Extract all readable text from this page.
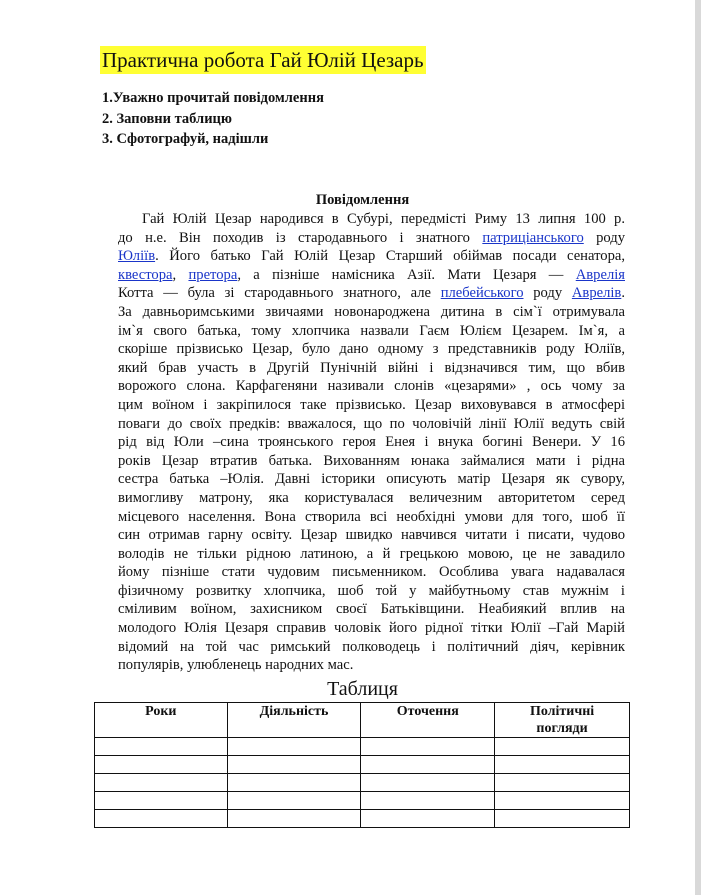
Практична робота Гай Юлій Цезарь
1.Уважно прочитай повідомлення
2. Заповни таблицю
3. Сфотографуй, надішли
Повідомлення
Гай Юлій Цезар народився в Субурі, передмісті Риму 13 липня 100 р.
до н.е. Він походив із стародавнього і знатного патриціанського роду
Юліїв. Його батько Гай Юлій Цезар Старший обіймав посади сенатора,
квестора, претора, а пізніше намісника Азії. Мати Цезаря — Аврелія
Котта — була зі стародавнього знатного, але плебейського роду Аврелів.
За давньоримськими звичаями новонароджена дитина в сім`ї отримувала
ім`я свого батька, тому хлопчика назвали Гаєм Юлієм Цезарем. Ім`я, а
скоріше прізвисько Цезар, було дано одному з представників роду Юліїв,
який брав участь в Другій Пунічній війні і відзначився тим, що вбив
ворожого слона. Карфагеняни називали слонів «цезарями» , ось чому за
цим воїном і закріпилося таке прізвисько. Цезар виховувався в атмосфері
поваги до своїх предків: вважалося, що по чоловічій лінії Юлії ведуть свій
рід від Юли –сина троянського героя Енея і внука богині Венери. У 16
років Цезар втратив батька. Вихованням юнака займалися мати і рідна
сестра батька –Юлія. Давні історики описують матір Цезаря як сувору,
вимогливу матрону, яка користувалася величезним авторитетом серед
місцевого населення. Вона створила всі необхідні умови для того, шоб її
син отримав гарну освіту. Цезар швидко навчився читати і писати, чудово
володів не тільки рідною латиною, а й грецькою мовою, це не завадило
йому пізніше стати чудовим письменником. Особлива увага надавалася
фізичному розвитку хлопчика, шоб той у майбутньому став мужнім і
сміливим воїном, захисником своєї Батьківщини. Неабиякий вплив на
молодого Юлія Цезаря справив чоловік його рідної тітки Юлії –Гай Марій
відомий на той час римський полководець і політичний діяч, керівник
популярів, улюбленець народних мас.
Таблиця
Роки	Діяльність	Оточення	Політичні погляди
